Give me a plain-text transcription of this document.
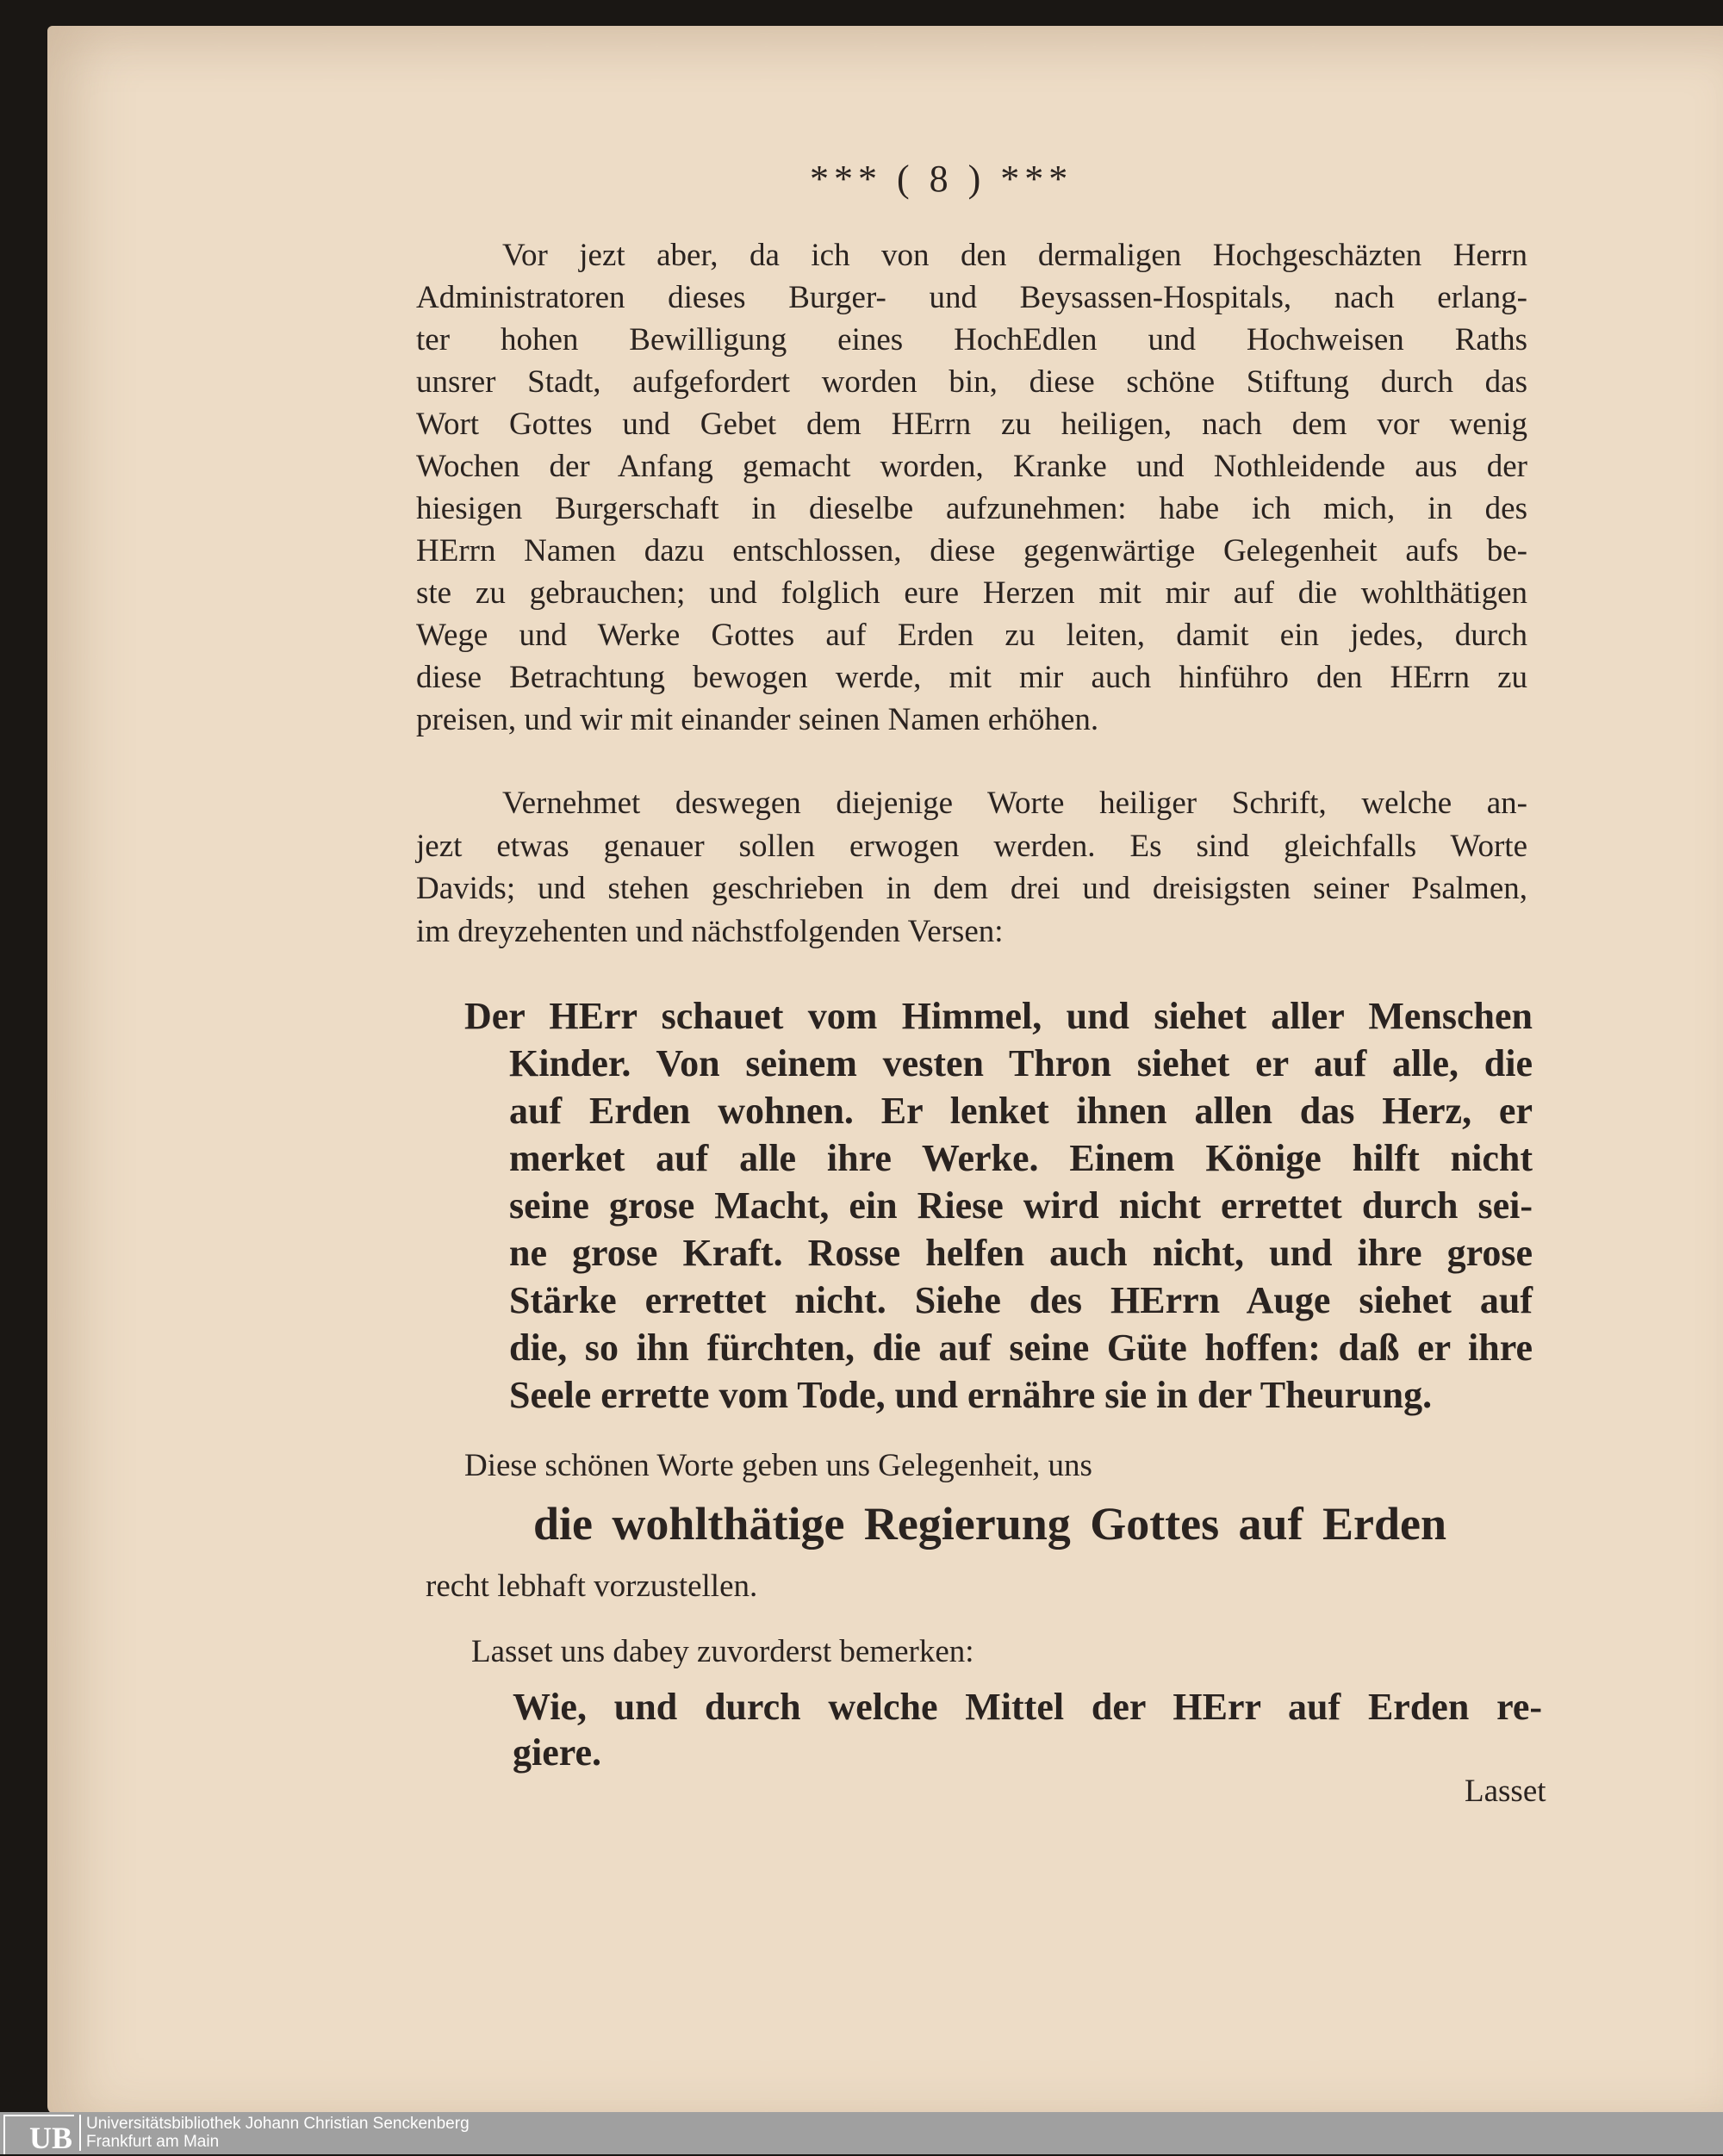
*** ( 8 ) ***
Vor jezt aber, da ich von den dermaligen Hochgeschäzten Herrn
Administratoren dieses Burger- und Beysassen-Hospitals, nach erlang-
ter hohen Bewilligung eines HochEdlen und Hochweisen Raths
unsrer Stadt, aufgefordert worden bin, diese schöne Stiftung durch das
Wort Gottes und Gebet dem HErrn zu heiligen, nach dem vor wenig
Wochen der Anfang gemacht worden, Kranke und Nothleidende aus der
hiesigen Burgerschaft in dieselbe aufzunehmen: habe ich mich, in des
HErrn Namen dazu entschlossen, diese gegenwärtige Gelegenheit aufs be-
ste zu gebrauchen; und folglich eure Herzen mit mir auf die wohlthätigen
Wege und Werke Gottes auf Erden zu leiten, damit ein jedes, durch
diese Betrachtung bewogen werde, mit mir auch hinführo den HErrn zu
preisen, und wir mit einander seinen Namen erhöhen.
Vernehmet deswegen diejenige Worte heiliger Schrift, welche an-
jezt etwas genauer sollen erwogen werden. Es sind gleichfalls Worte
Davids; und stehen geschrieben in dem drei und dreisigsten seiner Psalmen,
im dreyzehenten und nächstfolgenden Versen:
Der HErr schauet vom Himmel, und siehet aller Menschen
Kinder. Von seinem vesten Thron siehet er auf alle, die
auf Erden wohnen. Er lenket ihnen allen das Herz, er
merket auf alle ihre Werke. Einem Könige hilft nicht
seine grose Macht, ein Riese wird nicht errettet durch sei-
ne grose Kraft. Rosse helfen auch nicht, und ihre grose
Stärke errettet nicht. Siehe des HErrn Auge siehet auf
die, so ihn fürchten, die auf seine Güte hoffen: daß er ihre
Seele errette vom Tode, und ernähre sie in der Theurung.
Diese schönen Worte geben uns Gelegenheit, uns
die wohlthätige Regierung Gottes auf Erden
recht lebhaft vorzustellen.
Lasset uns dabey zuvorderst bemerken:
Wie, und durch welche Mittel der HErr auf Erden re-
giere.
Lasset
UB Universitätsbibliothek Johann Christian Senckenberg
Frankfurt am Main
